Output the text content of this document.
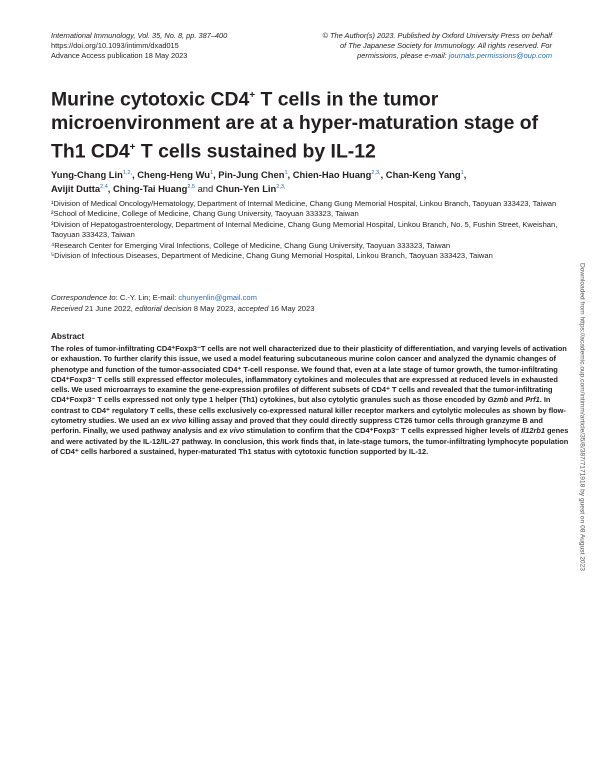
International Immunology, Vol. 35, No. 8, pp. 387–400
https://doi.org/10.1093/intimm/dxad015
Advance Access publication 18 May 2023
© The Author(s) 2023. Published by Oxford University Press on behalf
of The Japanese Society for Immunology. All rights reserved. For
permissions, please e-mail: journals.permissions@oup.com
Murine cytotoxic CD4+ T cells in the tumor
microenvironment are at a hyper-maturation stage of
Th1 CD4+ T cells sustained by IL-12
Yung-Chang Lin$^{1,2,}$, Cheng-Heng Wu$^1$, Pin-Jung Chen$^1$, Chien-Hao Huang$^{2,3,}$, Chan-Keng Yang$^1$,
Avijit Dutta$^{2,4}$, Ching-Tai Huang$^{2,5}$ and Chun-Yen Lin$^{2,3,}$

¹Division of Medical Oncology/Hematology, Department of Internal Medicine, Chang Gung Memorial Hospital, Linkou Branch, Taoyuan 333423, Taiwan

²School of Medicine, College of Medicine, Chang Gung University, Taoyuan 333323, Taiwan

³Division of Hepatogastroenterology, Department of Internal Medicine, Chang Gung Memorial Hospital, Linkou Branch, No. 5, Fushin Street, Kweishan, Taoyuan 333423, Taiwan

⁴Research Center for Emerging Viral Infections, College of Medicine, Chang Gung University, Taoyuan 333323, Taiwan

⁵Division of Infectious Diseases, Department of Medicine, Chang Gung Memorial Hospital, Linkou Branch, Taoyuan 333423, Taiwan

Correspondence to: C.-Y. Lin; E-mail: chunyenlin@gmail.com

Received 21 June 2022, editorial decision 8 May 2023, accepted 16 May 2023

Abstract

The roles of tumor-infiltrating CD4⁺Foxp3⁻T cells are not well characterized due to their plasticity of differentiation, and varying levels of activation or exhaustion. To further clarify this issue, we used a model featuring subcutaneous murine colon cancer and analyzed the dynamic changes of phenotype and function of the tumor-associated CD4⁺ T-cell response. We found that, even at a late stage of tumor growth, the tumor-infiltrating CD4⁺Foxp3⁻ T cells still expressed effector molecules, inflammatory cytokines and molecules that are expressed at reduced levels in exhausted cells. We used microarrays to examine the gene-expression profiles of different subsets of CD4⁺ T cells and revealed that the tumor-infiltrating CD4⁺Foxp3⁻ T cells expressed not only type 1 helper (Th1) cytokines, but also cytolytic granules such as those encoded by Gzmb and Prf1. In contrast to CD4⁺ regulatory T cells, these cells exclusively co-expressed natural killer receptor markers and cytolytic molecules as shown by flow-cytometry studies. We used an ex vivo killing assay and proved that they could directly suppress CT26 tumor cells through granzyme B and perforin. Finally, we used pathway analysis and ex vivo stimulation to confirm that the CD4⁺Foxp3⁻ T cells expressed higher levels of Il12rb1 genes and were activated by the IL-12/IL-27 pathway. In conclusion, this work finds that, in late-stage tumors, the tumor-infiltrating lymphocyte population of CD4⁺ cells harbored a sustained, hyper-maturated Th1 status with cytotoxic function supported by IL-12.	Downloaded from https://academic.oup.com/intimm/article/35/8/387/7171918 by guest on 08 August 2023
